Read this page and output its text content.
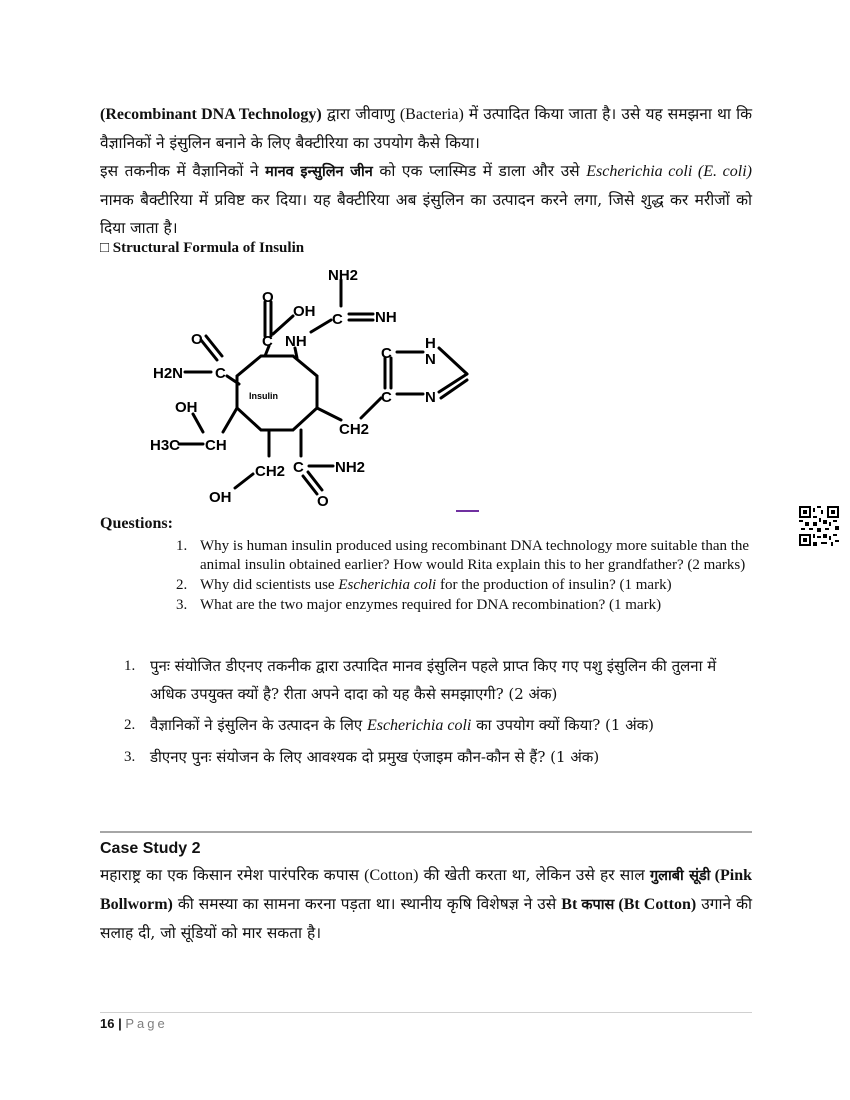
(Recombinant DNA Technology) द्वारा जीवाणु (Bacteria) में उत्पादित किया जाता है। उसे यह समझना था कि वैज्ञानिकों ने इंसुलिन बनाने के लिए बैक्टीरिया का उपयोग कैसे किया।
इस तकनीक में वैज्ञानिकों ने मानव इन्सुलिन जीन को एक प्लास्मिड में डाला और उसे Escherichia coli (E. coli) नामक बैक्टीरिया में प्रविष्ट कर दिया। यह बैक्टीरिया अब इंसुलिन का उत्पादन करने लगा, जिसे शुद्ध कर मरीजों को दिया जाता है।
□ Structural Formula of Insulin
Insulin
NH2
C NH
O
OH
C NH
O
C
H2N
OH
H3C CH
CH2
C
C
H
N
N
CH2 C NH2
OH	O
Questions:
1. Why is human insulin produced using recombinant DNA technology more suitable than the animal insulin obtained earlier? How would Rita explain this to her grandfather? (2 marks)
2. Why did scientists use Escherichia coli for the production of insulin? (1 mark)
3. What are the two major enzymes required for DNA recombination? (1 mark)
1. पुनः संयोजित डीएनए तकनीक द्वारा उत्पादित मानव इंसुलिन पहले प्राप्त किए गए पशु इंसुलिन की तुलना में अधिक उपयुक्त क्यों है? रीता अपने दादा को यह कैसे समझाएगी? (2 अंक)
2. वैज्ञानिकों ने इंसुलिन के उत्पादन के लिए Escherichia coli का उपयोग क्यों किया? (1 अंक)
3. डीएनए पुनः संयोजन के लिए आवश्यक दो प्रमुख एंजाइम कौन-कौन से हैं? (1 अंक)
Case Study 2
महाराष्ट्र का एक किसान रमेश पारंपरिक कपास (Cotton) की खेती करता था, लेकिन उसे हर साल गुलाबी सूंडी (Pink Bollworm) की समस्या का सामना करना पड़ता था। स्थानीय कृषि विशेषज्ञ ने उसे Bt कपास (Bt Cotton) उगाने की सलाह दी, जो सूंडियों को मार सकता है।
16 | Page
